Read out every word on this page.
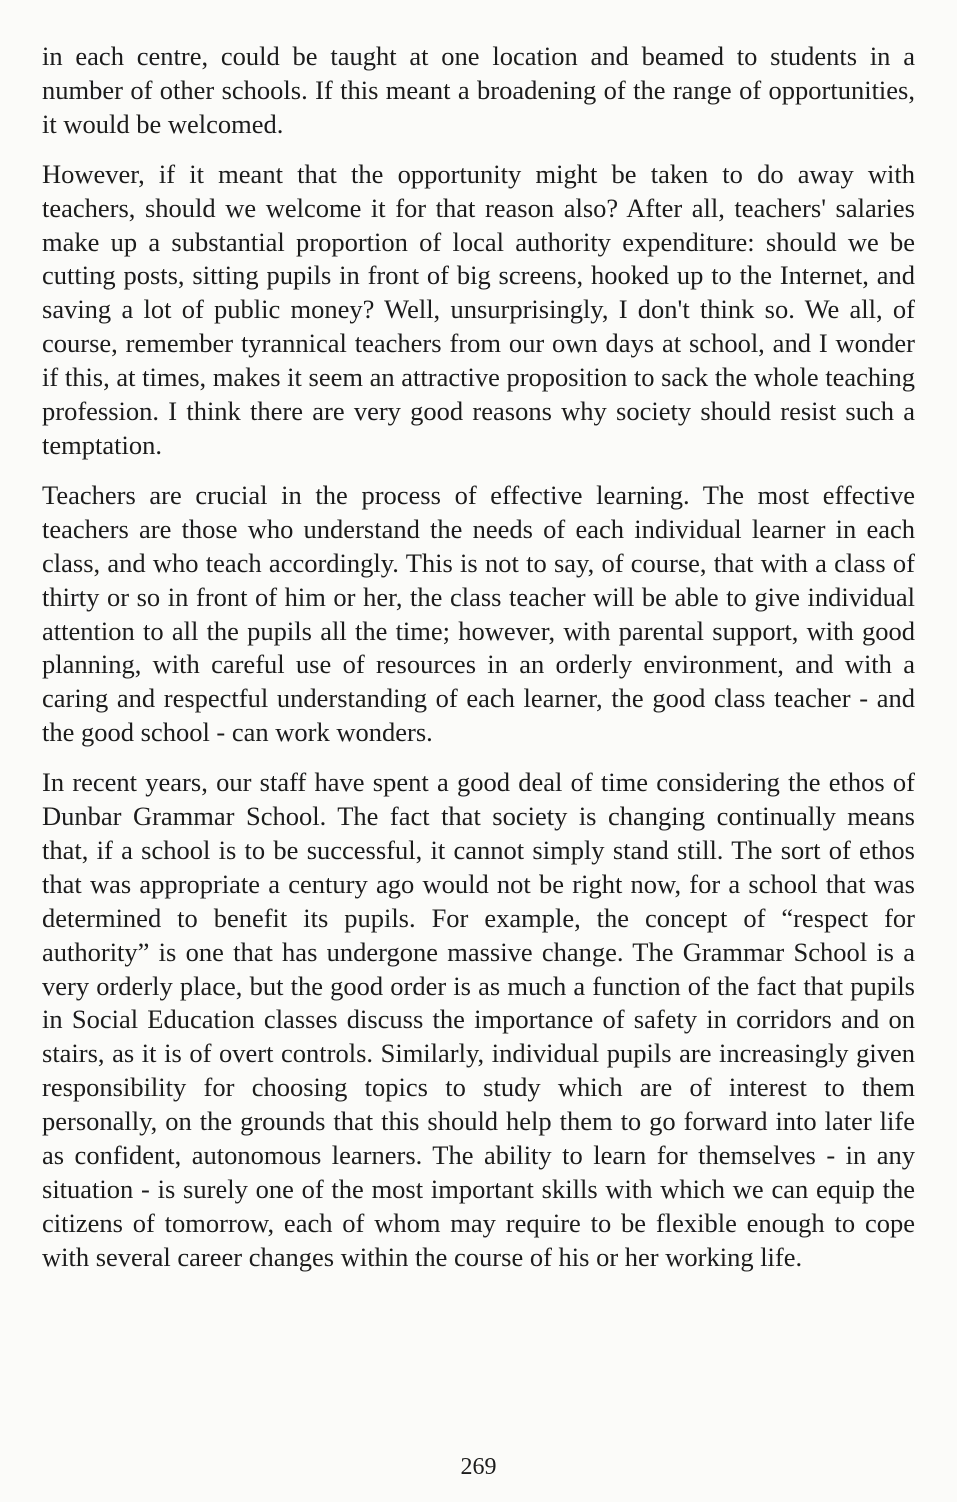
in each centre, could be taught at one location and beamed to students in a number of other schools. If this meant a broadening of the range of opportunities, it would be welcomed.

However, if it meant that the opportunity might be taken to do away with teachers, should we welcome it for that reason also? After all, teachers' salaries make up a substantial proportion of local authority expenditure: should we be cutting posts, sitting pupils in front of big screens, hooked up to the Internet, and saving a lot of public money? Well, unsurprisingly, I don't think so. We all, of course, remember tyrannical teachers from our own days at school, and I wonder if this, at times, makes it seem an attractive proposition to sack the whole teaching profession. I think there are very good reasons why society should resist such a temptation.

Teachers are crucial in the process of effective learning. The most effective teachers are those who understand the needs of each individual learner in each class, and who teach accordingly. This is not to say, of course, that with a class of thirty or so in front of him or her, the class teacher will be able to give individual attention to all the pupils all the time; however, with parental support, with good planning, with careful use of resources in an orderly environment, and with a caring and respectful understanding of each learner, the good class teacher - and the good school - can work wonders.

In recent years, our staff have spent a good deal of time considering the ethos of Dunbar Grammar School. The fact that society is changing continually means that, if a school is to be successful, it cannot simply stand still. The sort of ethos that was appropriate a century ago would not be right now, for a school that was determined to benefit its pupils. For example, the concept of “respect for authority” is one that has undergone massive change. The Grammar School is a very orderly place, but the good order is as much a function of the fact that pupils in Social Education classes discuss the importance of safety in corridors and on stairs, as it is of overt controls. Similarly, individual pupils are increasingly given responsibility for choosing topics to study which are of interest to them personally, on the grounds that this should help them to go forward into later life as confident, autonomous learners. The ability to learn for themselves - in any situation - is surely one of the most important skills with which we can equip the citizens of tomorrow, each of whom may require to be flexible enough to cope with several career changes within the course of his or her working life.

269
